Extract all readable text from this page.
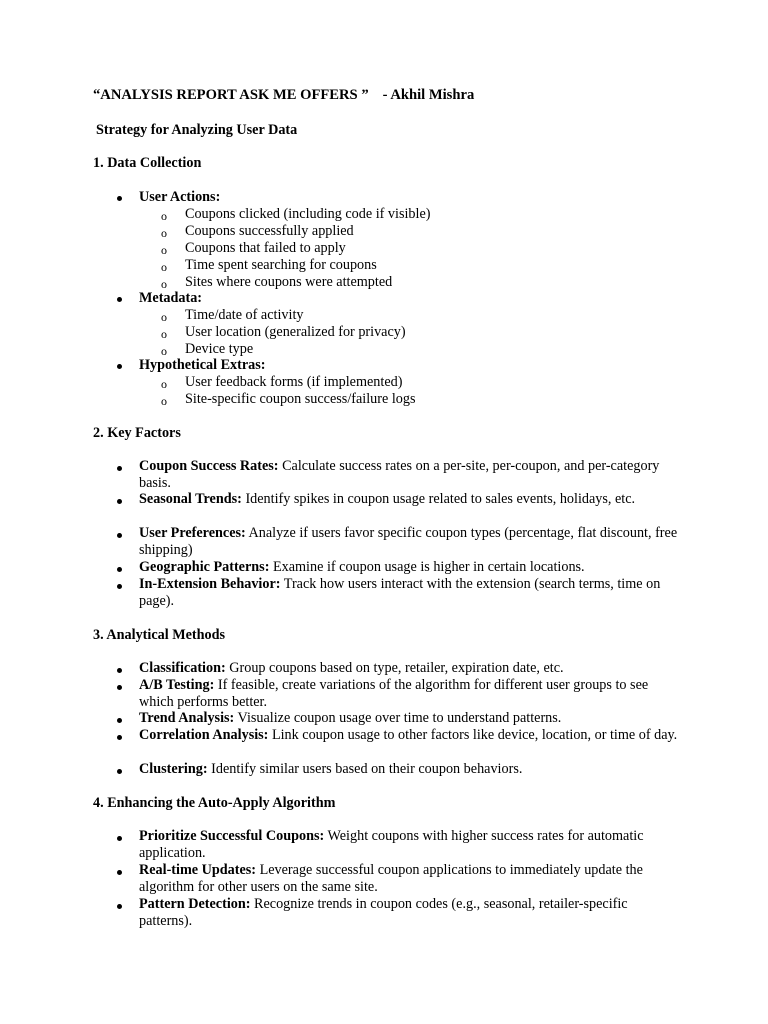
“ANALYSIS REPORT ASK ME OFFERS ” - Akhil Mishra
Strategy for Analyzing User Data
1. Data Collection
User Actions:
o Coupons clicked (including code if visible)
o Coupons successfully applied
o Coupons that failed to apply
o Time spent searching for coupons
o Sites where coupons were attempted
Metadata:
o Time/date of activity
o User location (generalized for privacy)
o Device type
Hypothetical Extras:
o User feedback forms (if implemented)
o Site-specific coupon success/failure logs
2. Key Factors
Coupon Success Rates: Calculate success rates on a per-site, per-coupon, and per-category basis.
Seasonal Trends: Identify spikes in coupon usage related to sales events, holidays, etc.
User Preferences: Analyze if users favor specific coupon types (percentage, flat discount, free shipping)
Geographic Patterns: Examine if coupon usage is higher in certain locations.
In-Extension Behavior: Track how users interact with the extension (search terms, time on page).
3. Analytical Methods
Classification: Group coupons based on type, retailer, expiration date, etc.
A/B Testing: If feasible, create variations of the algorithm for different user groups to see which performs better.
Trend Analysis: Visualize coupon usage over time to understand patterns.
Correlation Analysis: Link coupon usage to other factors like device, location, or time of day.
Clustering: Identify similar users based on their coupon behaviors.
4. Enhancing the Auto-Apply Algorithm
Prioritize Successful Coupons: Weight coupons with higher success rates for automatic application.
Real-time Updates: Leverage successful coupon applications to immediately update the algorithm for other users on the same site.
Pattern Detection: Recognize trends in coupon codes (e.g., seasonal, retailer-specific patterns).
